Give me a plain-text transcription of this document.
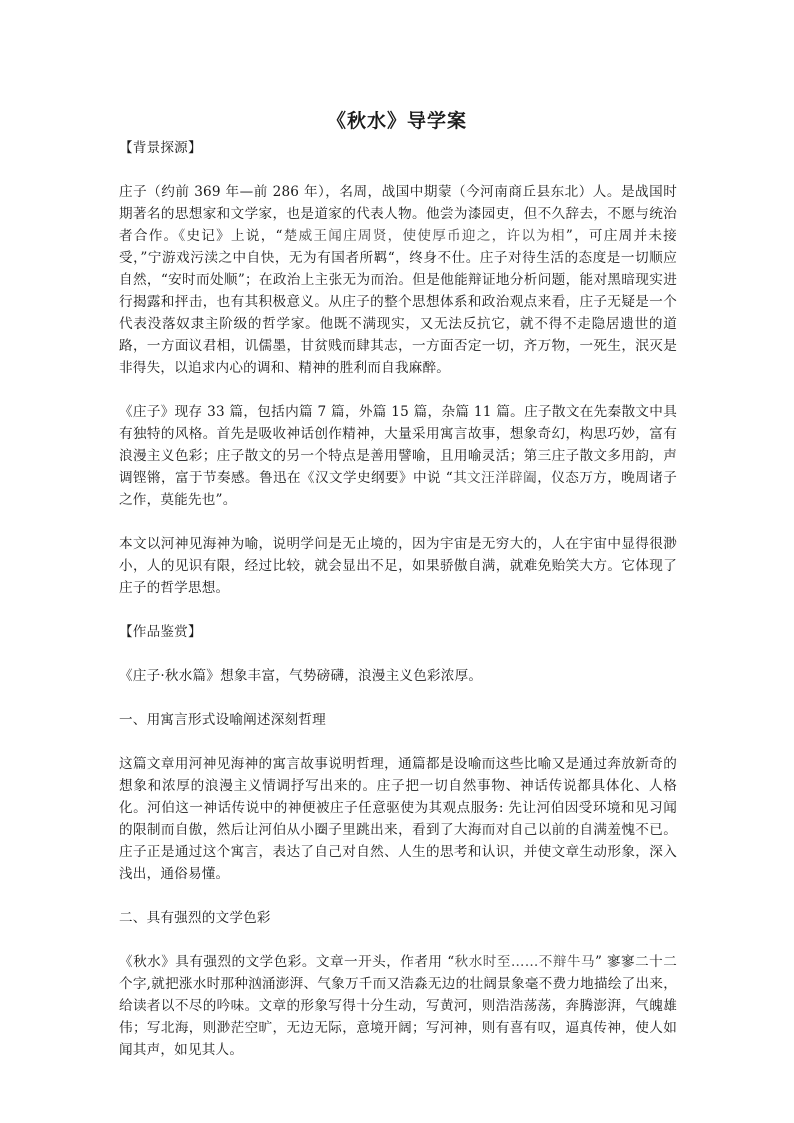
《秋水》导学案
【背景探源】

庄子（约前 369 年—前 286 年），名周，战国中期蒙（今河南商丘县东北）人。是战国时期著名的思想家和文学家，也是道家的代表人物。他尝为漆园吏，但不久辞去，不愿与统治者合作。《史记》上说，“楚威王闻庄周贤，使使厚币迎之，许以为相”，可庄周并未接受，”宁游戏污渎之中自快，无为有国者所羁“，终身不仕。庄子对待生活的态度是一切顺应自然，“安时而处顺”；在政治上主张无为而治。但是他能辩证地分析问题，能对黑暗现实进行揭露和抨击，也有其积极意义。从庄子的整个思想体系和政治观点来看，庄子无疑是一个代表没落奴隶主阶级的哲学家。他既不满现实，又无法反抗它，就不得不走隐居遗世的道路，一方面议君相，讥儒墨，甘贫贱而肆其志，一方面否定一切，齐万物，一死生，泯灭是非得失，以追求内心的调和、精神的胜利而自我麻醉。

《庄子》现存 33 篇，包括内篇 7 篇，外篇 15 篇，杂篇 11 篇。庄子散文在先秦散文中具有独特的风格。首先是吸收神话创作精神，大量采用寓言故事，想象奇幻，构思巧妙，富有浪漫主义色彩；庄子散文的另一个特点是善用譬喻，且用喻灵活；第三庄子散文多用韵，声调铿锵，富于节奏感。鲁迅在《汉文学史纲要》中说 “其文汪洋辟阖，仪态万方，晚周诸子之作，莫能先也”。

本文以河神见海神为喻，说明学问是无止境的，因为宇宙是无穷大的，人在宇宙中显得很渺小，人的见识有限，经过比较，就会显出不足，如果骄傲自满，就难免贻笑大方。它体现了庄子的哲学思想。

【作品鉴赏】

《庄子·秋水篇》想象丰富，气势磅礴，浪漫主义色彩浓厚。

一、用寓言形式设喻阐述深刻哲理

这篇文章用河神见海神的寓言故事说明哲理，通篇都是设喻而这些比喻又是通过奔放新奇的想象和浓厚的浪漫主义情调抒写出来的。庄子把一切自然事物、神话传说都具体化、人格化。河伯这一神话传说中的神便被庄子任意驱使为其观点服务: 先让河伯因受环境和见习闻的限制而自傲，然后让河伯从小圈子里跳出来，看到了大海而对自己以前的自满羞愧不已。庄子正是通过这个寓言，表达了自己对自然、人生的思考和认识，并使文章生动形象，深入浅出，通俗易懂。

二、具有强烈的文学色彩

《秋水》具有强烈的文学色彩。文章一开头，作者用 “秋水时至……不辩牛马” 寥寥二十二个字,就把涨水时那种汹涌澎湃、气象万千而又浩淼无边的壮阔景象毫不费力地描绘了出来，给读者以不尽的吟味。文章的形象写得十分生动，写黄河，则浩浩荡荡，奔腾澎湃，气魄雄伟；写北海，则渺茫空旷，无边无际，意境开阔；写河神，则有喜有叹，逼真传神，使人如闻其声，如见其人。
